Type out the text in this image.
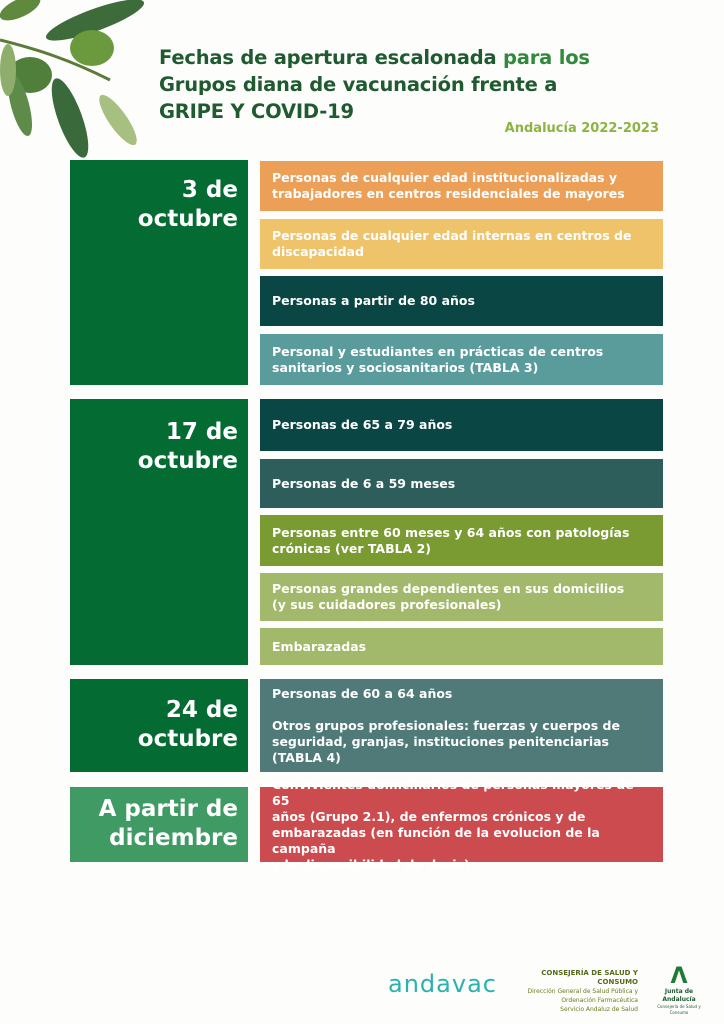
Fechas de apertura escalonada para los
Grupos diana de vacunación frente a
GRIPE Y COVID-19
Andalucía 2022-2023
3 de
octubre
17 de
octubre
24 de
octubre
A partir de
diciembre
Personas de cualquier edad institucionalizadas y
trabajadores en centros residenciales de mayores
Personas de cualquier edad internas en centros de
discapacidad
Personas a partir de 80 años
Personal y estudiantes en prácticas de centros
sanitarios y sociosanitarios (TABLA 3)
Personas de 65 a 79 años
Personas de 6 a 59 meses
Personas entre 60 meses y 64 años con patologías
crónicas (ver TABLA 2)
Personas grandes dependientes en sus domicilios
(y sus cuidadores profesionales)
Embarazadas
Personas de 60 a 64 años

Otros grupos profesionales: fuerzas y cuerpos de
seguridad, granjas, instituciones penitenciarias
(TABLA 4)
Convivientes domiciliarios de personas mayores de 65
años (Grupo 2.1), de enfermos crónicos y de
embarazadas (en función de la evolucion de la campaña
y la disponibilidad de dosis)
andavac	CONSEJERÍA DE SALUD Y CONSUMO
Dirección General de Salud Pública y Ordenación Farmacéutica
Servicio Andaluz de Salud
Ʌ
Junta de Andalucía
Consejería de Salud y Consumo
